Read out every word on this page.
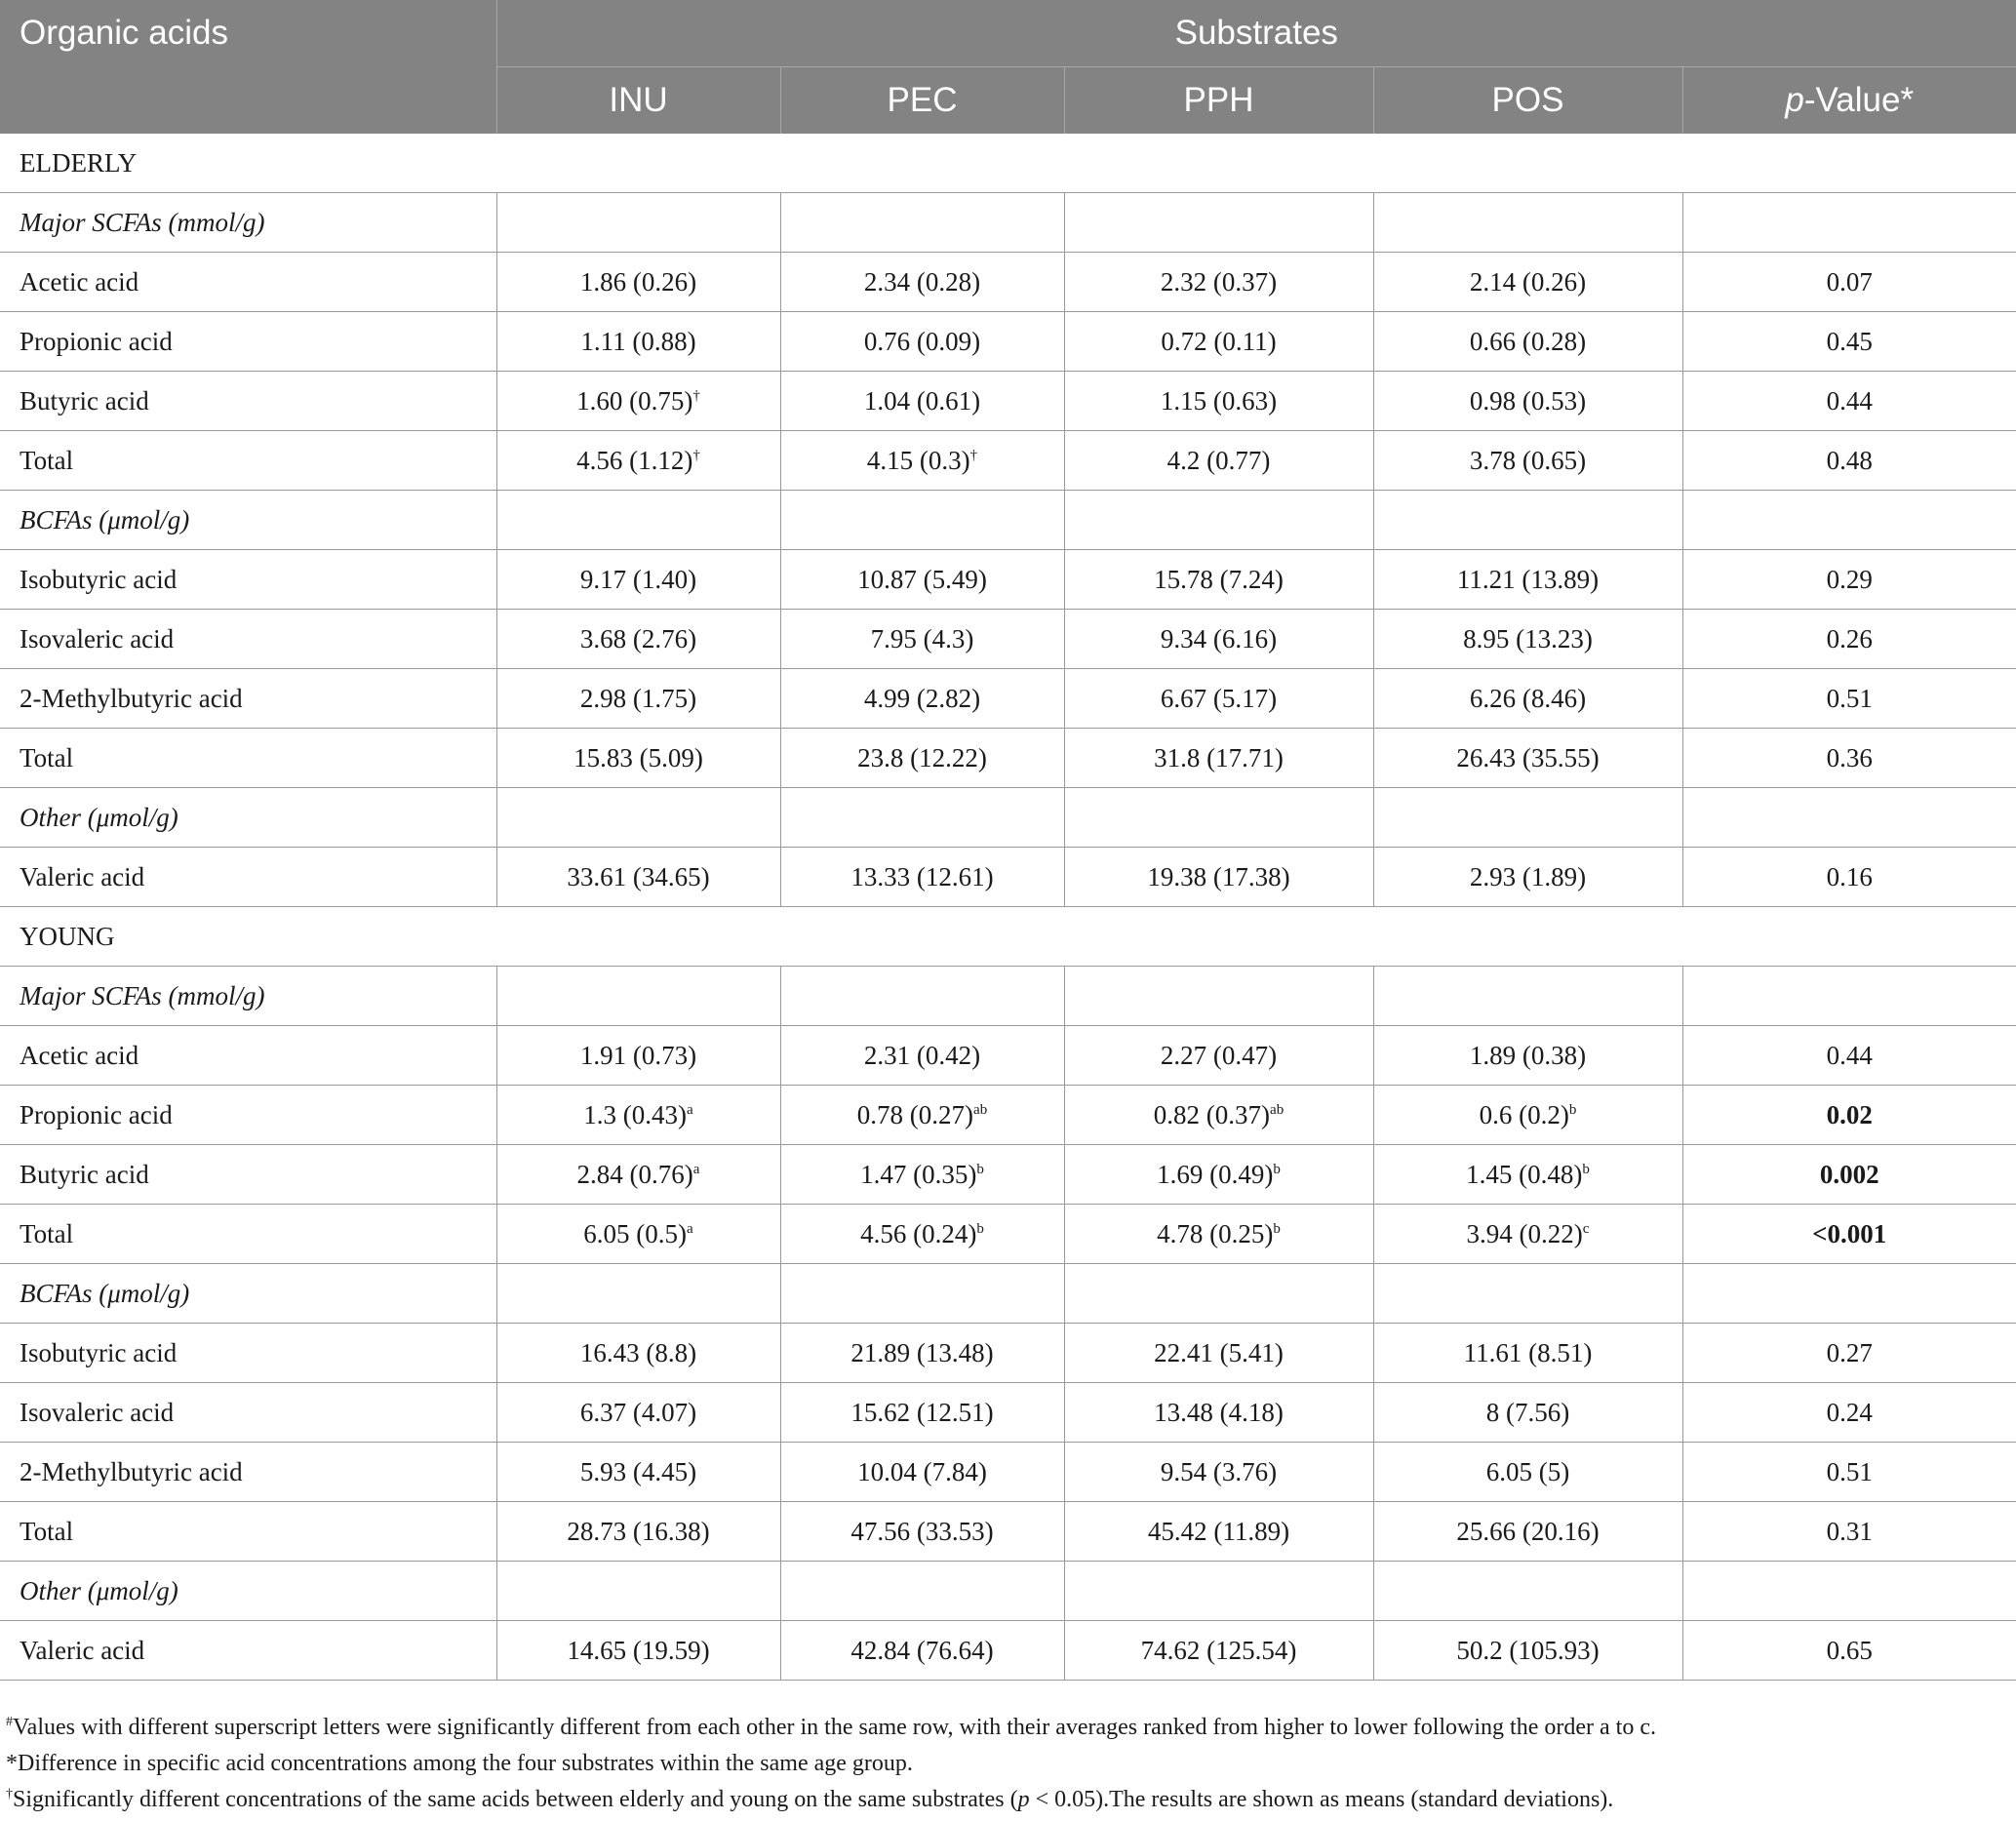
Organic acids	Substrates				
	INU	PEC	PPH	POS	p-Value*
ELDERLY					
Major SCFAs (mmol/g)					
Acetic acid	1.86 (0.26)	2.34 (0.28)	2.32 (0.37)	2.14 (0.26)	0.07
Propionic acid	1.11 (0.88)	0.76 (0.09)	0.72 (0.11)	0.66 (0.28)	0.45
Butyric acid	1.60 (0.75)†	1.04 (0.61)	1.15 (0.63)	0.98 (0.53)	0.44
Total	4.56 (1.12)†	4.15 (0.3)†	4.2 (0.77)	3.78 (0.65)	0.48
BCFAs (μmol/g)					
Isobutyric acid	9.17 (1.40)	10.87 (5.49)	15.78 (7.24)	11.21 (13.89)	0.29
Isovaleric acid	3.68 (2.76)	7.95 (4.3)	9.34 (6.16)	8.95 (13.23)	0.26
2-Methylbutyric acid	2.98 (1.75)	4.99 (2.82)	6.67 (5.17)	6.26 (8.46)	0.51
Total	15.83 (5.09)	23.8 (12.22)	31.8 (17.71)	26.43 (35.55)	0.36
Other (μmol/g)					
Valeric acid	33.61 (34.65)	13.33 (12.61)	19.38 (17.38)	2.93 (1.89)	0.16
YOUNG					
Major SCFAs (mmol/g)					
Acetic acid	1.91 (0.73)	2.31 (0.42)	2.27 (0.47)	1.89 (0.38)	0.44
Propionic acid	1.3 $(0.43)^a$	0.78 $(0.27)^{ab}$	0.82 $(0.37)^{ab}$	0.6 $(0.2)^b$	0.02
Butyric acid	2.84 $(0.76)^a$	1.47 $(0.35)^b$	1.69 $(0.49)^b$	1.45 $(0.48)^b$	0.002
Total	6.05 $(0.5)^a$	4.56 $(0.24)^b$	4.78 $(0.25)^b$	3.94 $(0.22)^c$	<0.001
BCFAs (μmol/g)					
Isobutyric acid	16.43 (8.8)	21.89 (13.48)	22.41 (5.41)	11.61 (8.51)	0.27
Isovaleric acid	6.37 (4.07)	15.62 (12.51)	13.48 (4.18)	8 (7.56)	0.24
2-Methylbutyric acid	5.93 (4.45)	10.04 (7.84)	9.54 (3.76)	6.05 (5)	0.51
Total	28.73 (16.38)	47.56 (33.53)	45.42 (11.89)	25.66 (20.16)	0.31
Other (μmol/g)					
Valeric acid	14.65 (19.59)	42.84 (76.64)	74.62 (125.54)	50.2 (105.93)	0.65
#Values with different superscript letters were significantly different from each other in the same row, with their averages ranked from higher to lower following the order a to c.
*Difference in specific acid concentrations among the four substrates within the same age group.
†Significantly different concentrations of the same acids between elderly and young on the same substrates (p < 0.05).The results are shown as means (standard deviations).
